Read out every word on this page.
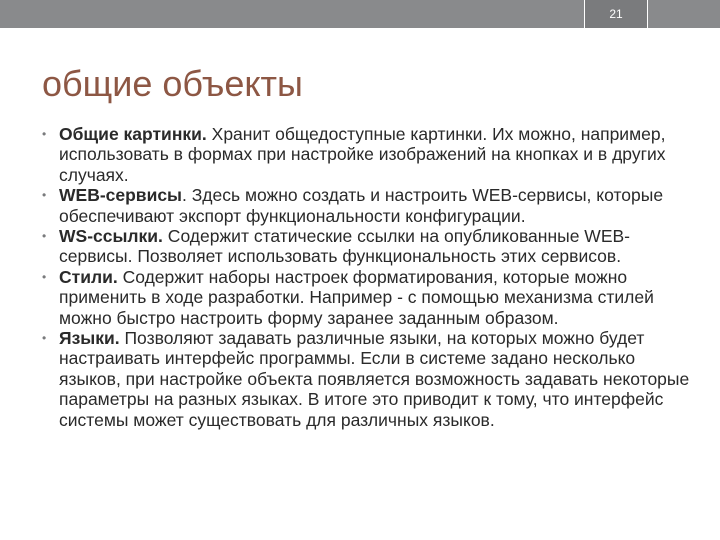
21
общие объекты
• Общие картинки. Хранит общедоступные картинки. Их можно, например, использовать в формах при настройке изображений на кнопках и в других случаях.
• WEB-сервисы. Здесь можно создать и настроить WEB-сервисы, которые обеспечивают экспорт функциональности конфигурации.
• WS-ссылки. Содержит статические ссылки на опубликованные WEB-сервисы. Позволяет использовать функциональность этих сервисов.
• Стили. Содержит наборы настроек форматирования, которые можно применить в ходе разработки. Например - с помощью механизма стилей можно быстро настроить форму заранее заданным образом.
• Языки. Позволяют задавать различные языки, на которых можно будет настраивать интерфейс программы. Если в системе задано несколько языков, при настройке объекта появляется возможность задавать некоторые параметры на разных языках. В итоге это приводит к тому, что интерфейс системы может существовать для различных языков.
